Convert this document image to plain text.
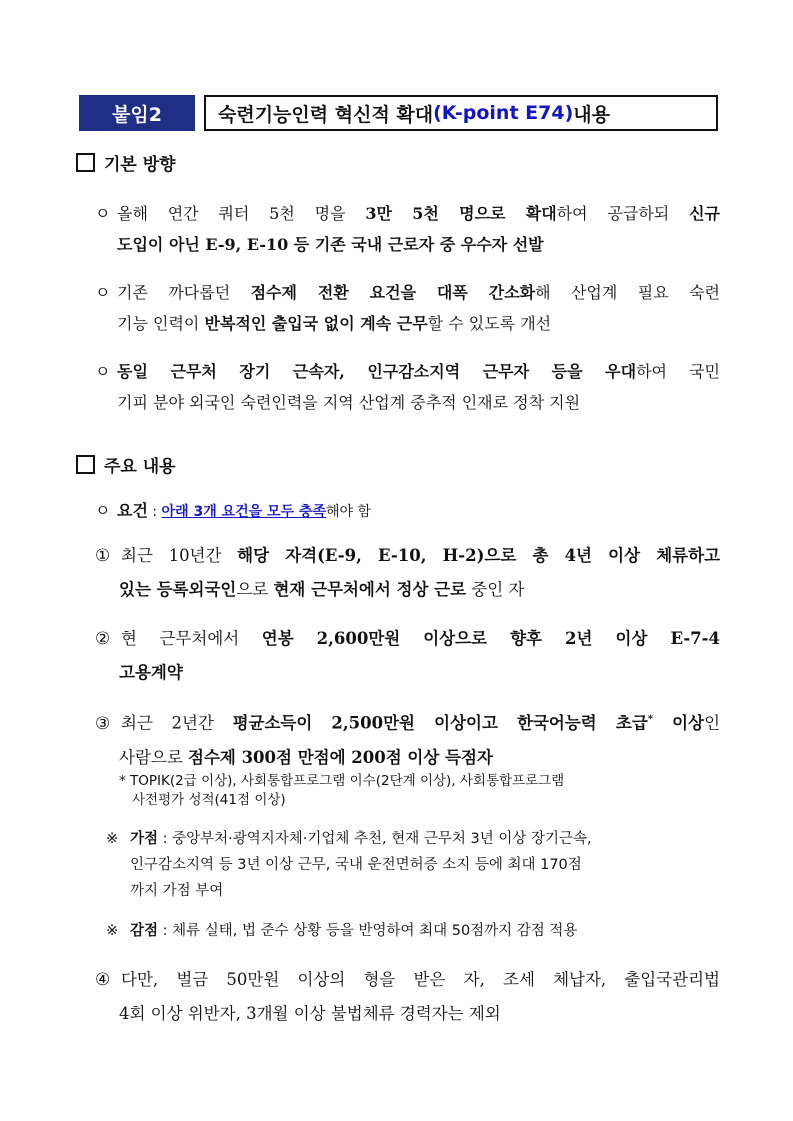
붙임2	숙련기능인력 혁신적 확대 (K-point E74) 내용
기본 방향
ㅇ 올해 연간 쿼터 5천 명을 3만 5천 명으로 확대하여 공급하되 신규
도입이 아닌 E-9, E-10 등 기존 국내 근로자 중 우수자 선발
ㅇ 기존 까다롭던 점수제 전환 요건을 대폭 간소화해 산업계 필요 숙련
기능 인력이 반복적인 출입국 없이 계속 근무할 수 있도록 개선
ㅇ 동일 근무처 장기 근속자, 인구감소지역 근무자 등을 우대하여 국민
기피 분야 외국인 숙련인력을 지역 산업계 중추적 인재로 정착 지원
주요 내용
ㅇ 요건 : 아래 3개 요건을 모두 충족해야 함
① 최근 10년간 해당 자격(E-9, E-10, H-2)으로 총 4년 이상 체류하고
있는 등록외국인으로 현재 근무처에서 정상 근로 중인 자
② 현 근무처에서 연봉 2,600만원 이상으로 향후 2년 이상 E-7-4
고용계약
③ 최근 2년간 평균소득이 2,500만원 이상이고 한국어능력 초급* 이상인
사람으로 점수제 300점 만점에 200점 이상 득점자
* TOPIK(2급 이상), 사회통합프로그램 이수(2단계 이상), 사회통합프로그램
사전평가 성적(41점 이상)
※ 가점 : 중앙부처·광역지자체·기업체 추천, 현재 근무처 3년 이상 장기근속,
인구감소지역 등 3년 이상 근무, 국내 운전면허증 소지 등에 최대 170점
까지 가점 부여
※ 감점 : 체류 실태, 법 준수 상황 등을 반영하여 최대 50점까지 감점 적용
④ 다만, 벌금 50만원 이상의 형을 받은 자, 조세 체납자, 출입국관리법
4회 이상 위반자, 3개월 이상 불법체류 경력자는 제외
